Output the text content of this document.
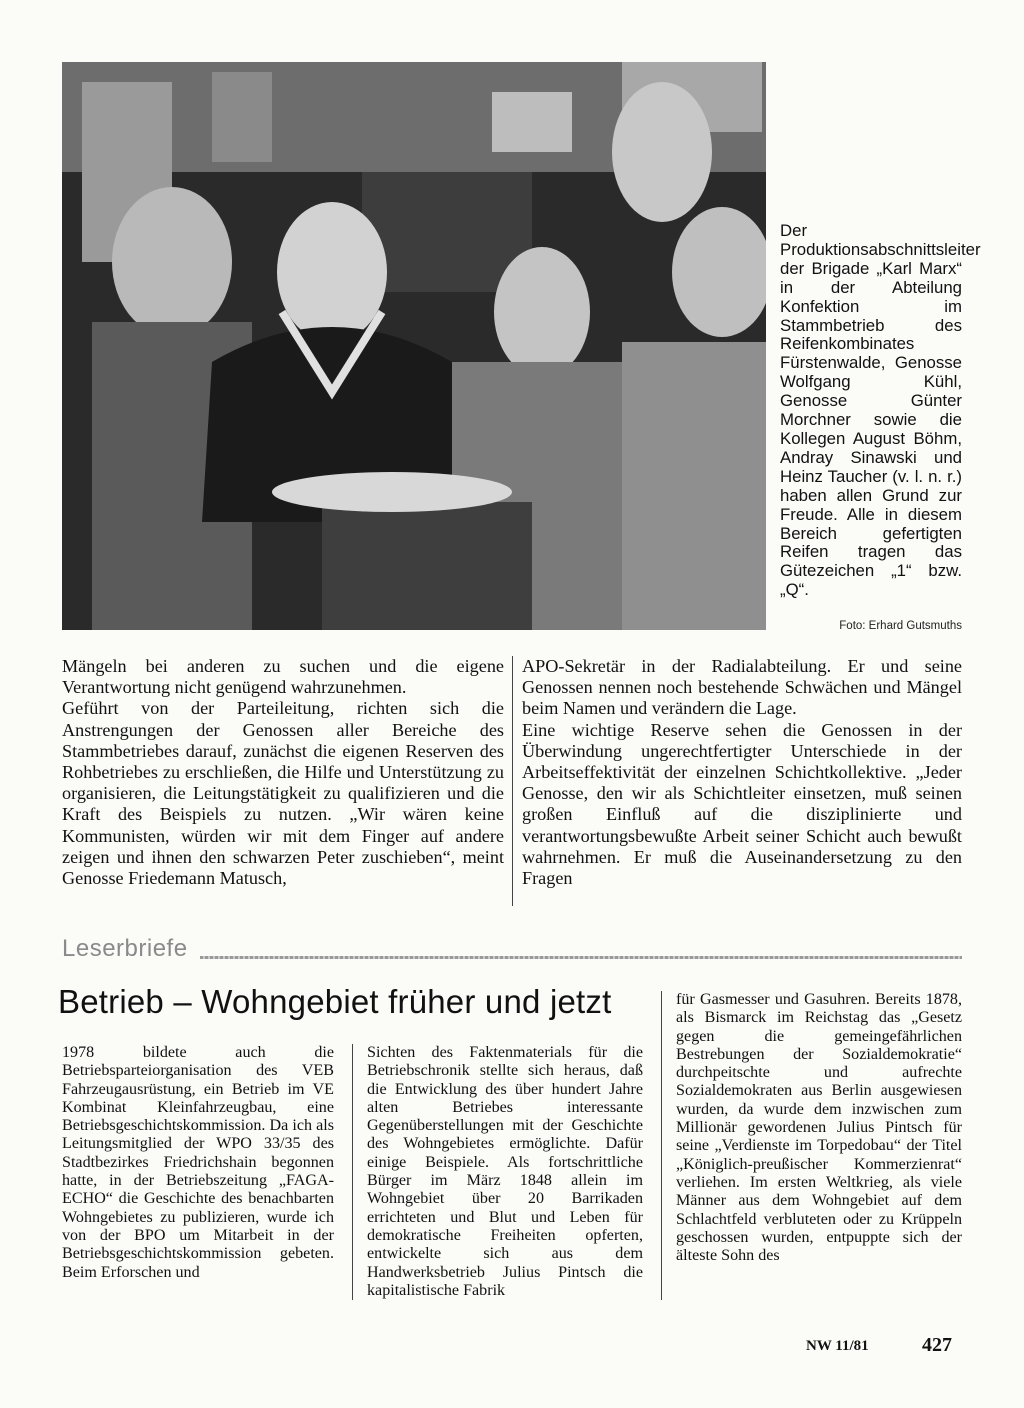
Der Produktionsabschnittsleiter der Brigade „Karl Marx“ in der Abteilung Konfektion im Stammbetrieb des Reifenkombinates Fürstenwalde, Genosse Wolfgang Kühl, Genosse Günter Morchner sowie die Kollegen August Böhm, Andray Sinawski und Heinz Taucher (v. l. n. r.) haben allen Grund zur Freude. Alle in diesem Bereich gefertigten Reifen tragen das Gütezeichen „1“ bzw. „Q“.
Foto: Erhard Gutsmuths
Mängeln bei anderen zu suchen und die eigene Verantwortung nicht genügend wahrzunehmen.
Geführt von der Parteileitung, richten sich die Anstrengungen der Genossen aller Bereiche des Stammbetriebes darauf, zunächst die eigenen Reserven des Rohbetriebes zu erschließen, die Hilfe und Unterstützung zu organisieren, die Leitungstätigkeit zu qualifizieren und die Kraft des Beispiels zu nutzen. „Wir wären keine Kommunisten, würden wir mit dem Finger auf andere zeigen und ihnen den schwarzen Peter zuschieben“, meint Genosse Friedemann Matusch,
APO-Sekretär in der Radialabteilung. Er und seine Genossen nennen noch bestehende Schwächen und Mängel beim Namen und verändern die Lage.
Eine wichtige Reserve sehen die Genossen in der Überwindung ungerechtfertigter Unterschiede in der Arbeitseffektivität der einzelnen Schichtkollektive. „Jeder Genosse, den wir als Schichtleiter einsetzen, muß seinen großen Einfluß auf die disziplinierte und verantwortungsbewußte Arbeit seiner Schicht auch bewußt wahrnehmen. Er muß die Auseinandersetzung zu den Fragen
Leserbriefe
Betrieb – Wohngebiet früher und jetzt
1978 bildete auch die Betriebsparteiorganisation des VEB Fahrzeugausrüstung, ein Betrieb im VE Kombinat Kleinfahrzeugbau, eine Betriebsgeschichtskommission. Da ich als Leitungsmitglied der WPO 33/35 des Stadtbezirkes Friedrichshain begonnen hatte, in der Betriebszeitung „FAGA-ECHO“ die Geschichte des benachbarten Wohngebietes zu publizieren, wurde ich von der BPO um Mitarbeit in der Betriebsgeschichtskommission gebeten. Beim Erforschen und
Sichten des Faktenmaterials für die Betriebschronik stellte sich heraus, daß die Entwicklung des über hundert Jahre alten Betriebes interessante Gegenüberstellungen mit der Geschichte des Wohngebietes ermöglichte. Dafür einige Beispiele. Als fortschrittliche Bürger im März 1848 allein im Wohngebiet über 20 Barrikaden errichteten und Blut und Leben für demokratische Freiheiten opferten, entwickelte sich aus dem Handwerksbetrieb Julius Pintsch die kapitalistische Fabrik
für Gasmesser und Gasuhren. Bereits 1878, als Bismarck im Reichstag das „Gesetz gegen die gemeingefährlichen Bestrebungen der Sozialdemokratie“ durchpeitschte und aufrechte Sozialdemokraten aus Berlin ausgewiesen wurden, da wurde dem inzwischen zum Millionär gewordenen Julius Pintsch für seine „Verdienste im Torpedobau“ der Titel „Königlich-preußischer Kommerzienrat“ verliehen. Im ersten Weltkrieg, als viele Männer aus dem Wohngebiet auf dem Schlachtfeld verbluteten oder zu Krüppeln geschossen wurden, entpuppte sich der älteste Sohn des
NW 11/81	427
